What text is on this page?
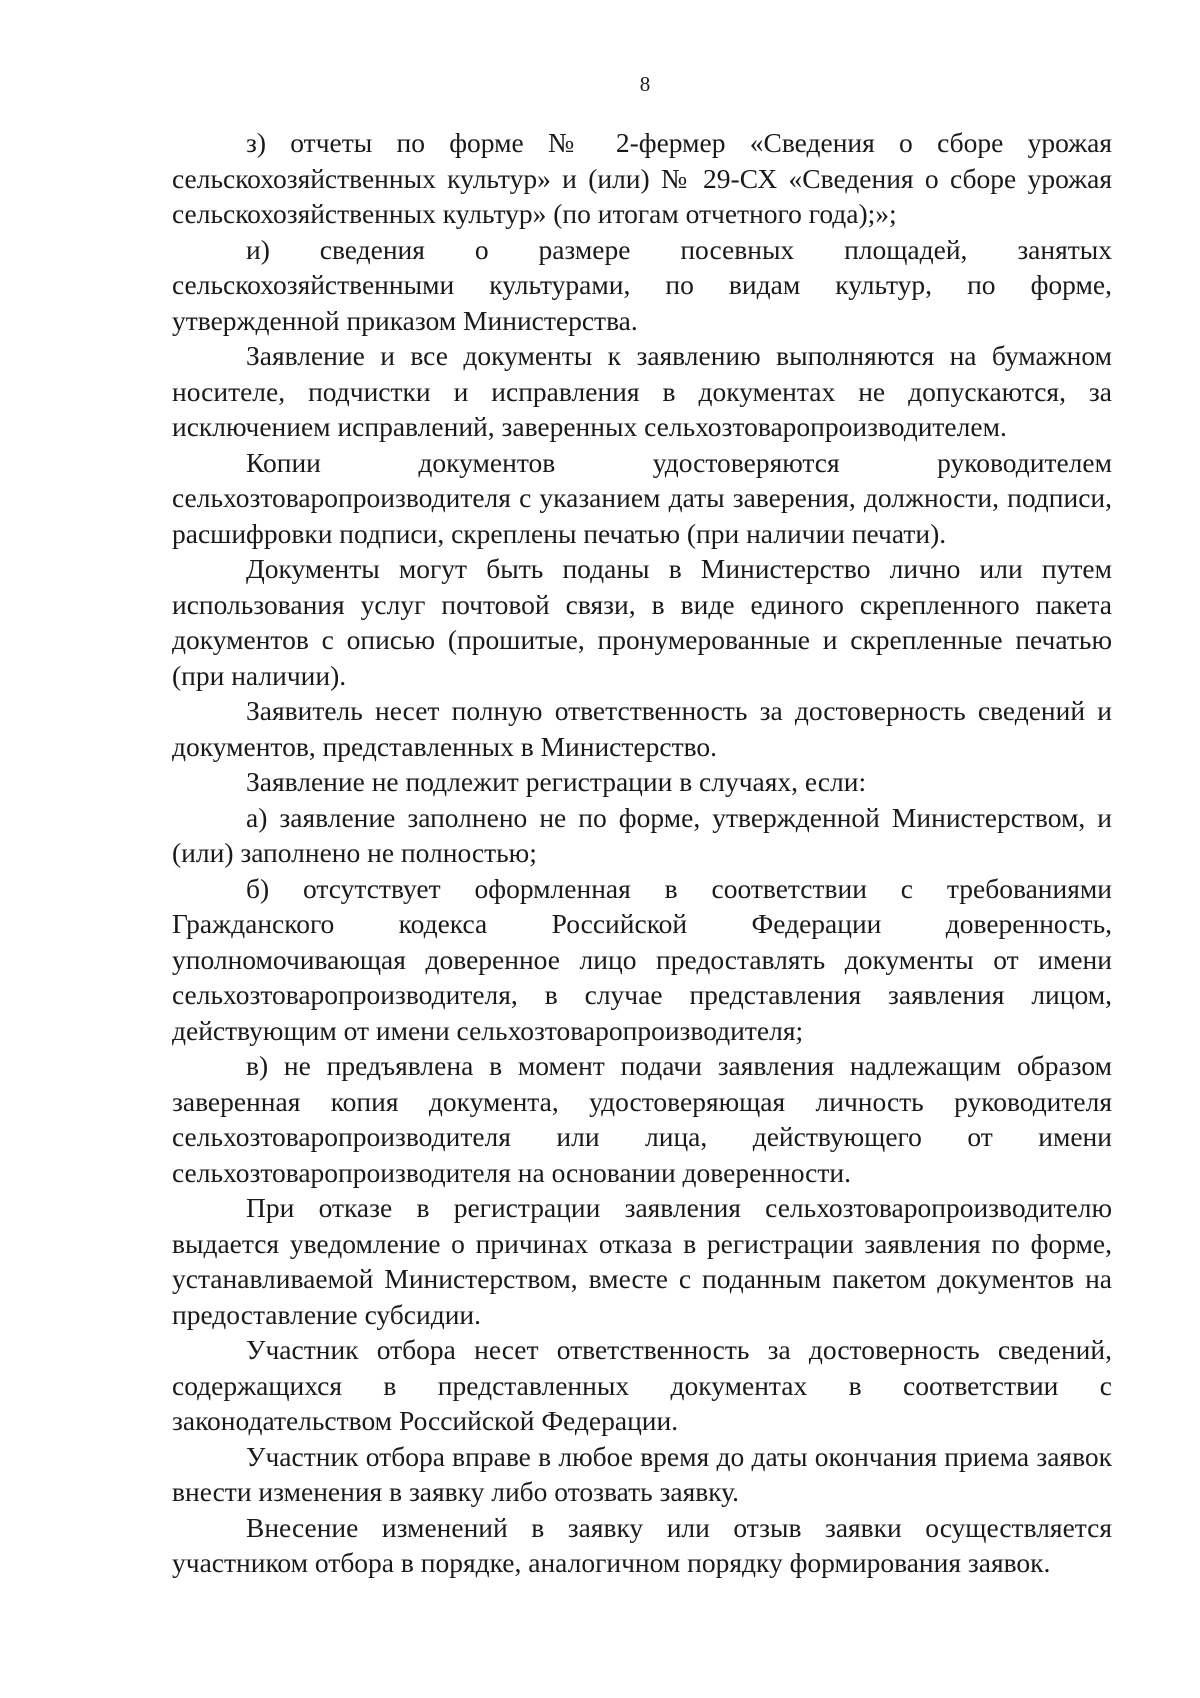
8

з) отчеты по форме № 2-фермер «Сведения о сборе урожая сельскохозяйственных культур» и (или) № 29-СХ «Сведения о сборе урожая сельскохозяйственных культур» (по итогам отчетного года);»;

и) сведения о размере посевных площадей, занятых сельскохозяйственными культурами, по видам культур, по форме, утвержденной приказом Министерства.

Заявление и все документы к заявлению выполняются на бумажном носителе, подчистки и исправления в документах не допускаются, за исключением исправлений, заверенных сельхозтоваропроизводителем.

Копии документов удостоверяются руководителем сельхозтоваропроизводителя с указанием даты заверения, должности, подписи, расшифровки подписи, скреплены печатью (при наличии печати).

Документы могут быть поданы в Министерство лично или путем использования услуг почтовой связи, в виде единого скрепленного пакета документов с описью (прошитые, пронумерованные и скрепленные печатью (при наличии).

Заявитель несет полную ответственность за достоверность сведений и документов, представленных в Министерство.

Заявление не подлежит регистрации в случаях, если:

а) заявление заполнено не по форме, утвержденной Министерством, и (или) заполнено не полностью;

б) отсутствует оформленная в соответствии с требованиями Гражданского кодекса Российской Федерации доверенность, уполномочивающая доверенное лицо предоставлять документы от имени сельхозтоваропроизводителя, в случае представления заявления лицом, действующим от имени сельхозтоваропроизводителя;

в) не предъявлена в момент подачи заявления надлежащим образом заверенная копия документа, удостоверяющая личность руководителя сельхозтоваропроизводителя или лица, действующего от имени сельхозтоваропроизводителя на основании доверенности.

При отказе в регистрации заявления сельхозтоваропроизводителю выдается уведомление о причинах отказа в регистрации заявления по форме, устанавливаемой Министерством, вместе с поданным пакетом документов на предоставление субсидии.

Участник отбора несет ответственность за достоверность сведений, содержащихся в представленных документах в соответствии с законодательством Российской Федерации.

Участник отбора вправе в любое время до даты окончания приема заявок внести изменения в заявку либо отозвать заявку.

Внесение изменений в заявку или отзыв заявки осуществляется участником отбора в порядке, аналогичном порядку формирования заявок.
